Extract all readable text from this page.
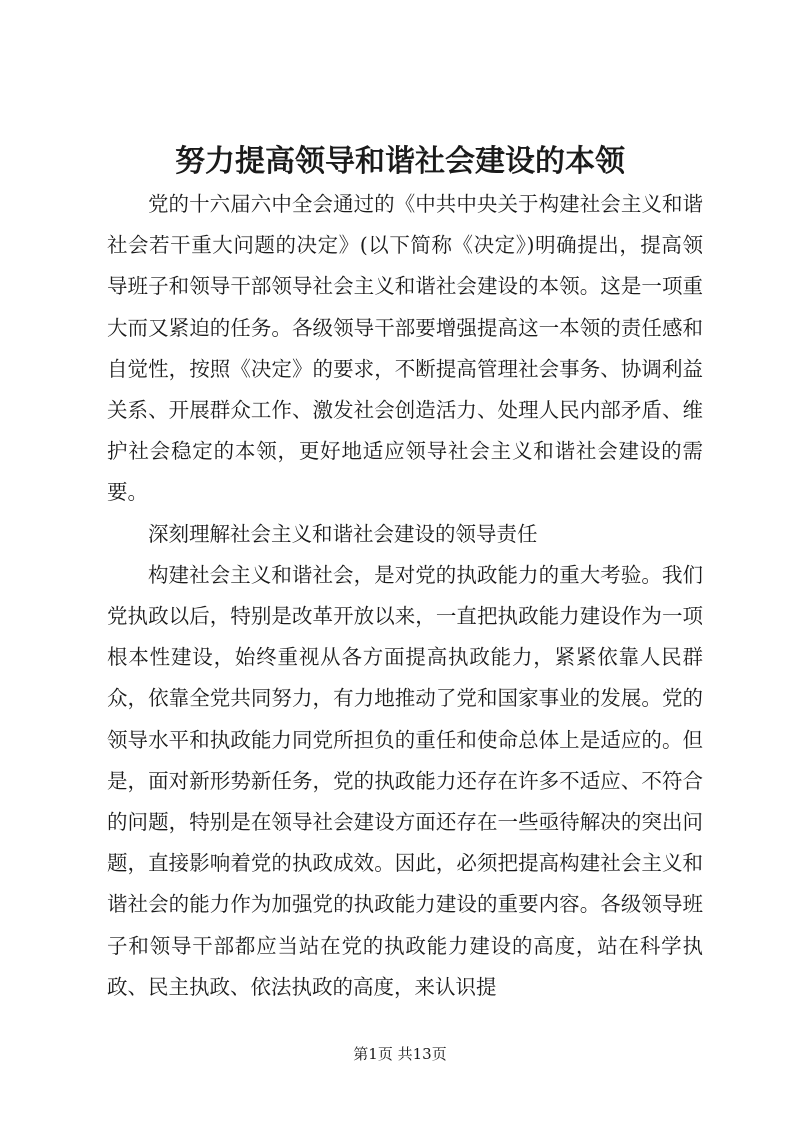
努力提高领导和谐社会建设的本领

党的十六届六中全会通过的《中共中央关于构建社会主义和谐社会若干重大问题的决定》(以下简称《决定》)明确提出，提高领导班子和领导干部领导社会主义和谐社会建设的本领。这是一项重大而又紧迫的任务。各级领导干部要增强提高这一本领的责任感和自觉性，按照《决定》的要求，不断提高管理社会事务、协调利益关系、开展群众工作、激发社会创造活力、处理人民内部矛盾、维护社会稳定的本领，更好地适应领导社会主义和谐社会建设的需要。

深刻理解社会主义和谐社会建设的领导责任

构建社会主义和谐社会，是对党的执政能力的重大考验。我们党执政以后，特别是改革开放以来，一直把执政能力建设作为一项根本性建设，始终重视从各方面提高执政能力，紧紧依靠人民群众，依靠全党共同努力，有力地推动了党和国家事业的发展。党的领导水平和执政能力同党所担负的重任和使命总体上是适应的。但是，面对新形势新任务，党的执政能力还存在许多不适应、不符合的问题，特别是在领导社会建设方面还存在一些亟待解决的突出问题，直接影响着党的执政成效。因此，必须把提高构建社会主义和谐社会的能力作为加强党的执政能力建设的重要内容。各级领导班子和领导干部都应当站在党的执政能力建设的高度，站在科学执政、民主执政、依法执政的高度，来认识提

第1页 共13页
